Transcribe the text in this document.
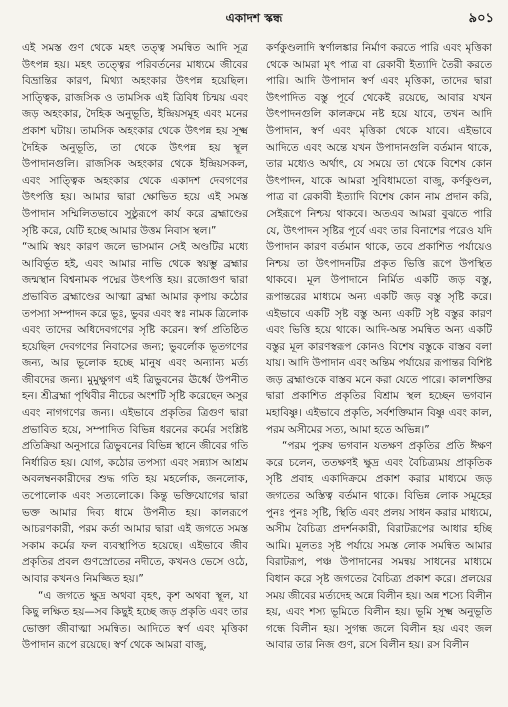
একাদশ স্কন্ধ	৯০১

এই সমস্ত গুণ থেকে মহৎ তত্ত্ব সমন্বিত আদি সূত্র উৎপন্ন হয়। মহৎ তত্ত্বের পরিবর্তনের মাধ্যমে জীবের বিভ্রান্তির কারণ, মিথ্যা অহংকার উৎপন্ন হয়েছিল। সাত্ত্বিক, রাজসিক ও তামসিক এই ত্রিবিধ চিন্ময় এবং জড় অহংকার, দৈহিক অনুভূতি, ইন্দ্রিয়সমূহ এবং মনের প্রকাশ ঘটায়। তামসিক অহংকার থেকে উৎপন্ন হয় সূক্ষ্ম দৈহিক অনুভূতি, তা থেকে উৎপন্ন হয় স্থূল উপাদানগুলি। রাজসিক অহংকার থেকে ইন্দ্রিয়সকল, এবং সাত্ত্বিক অহংকার থেকে একাদশ দেবগণের উৎপত্তি হয়। আমার দ্বারা ক্ষোভিত হয়ে এই সমস্ত উপাদান সম্মিলিতভাবে সুষ্ঠুরূপে কার্য করে ব্রহ্মাণ্ডের সৃষ্টি করে, যেটি হচ্ছে আমার উত্তম নিবাস স্থল।”

“আমি স্বয়ং কারণ জলে ভাসমান সেই অণ্ডটির মধ্যে আবির্ভূত হই, এবং আমার নাভি থেকে স্বয়ম্ভু ব্রহ্মার জন্মস্থান বিশ্বনামক পদ্মের উৎপত্তি হয়। রজোগুণ দ্বারা প্রভাবিত ব্রহ্মাণ্ডের আত্মা ব্রহ্মা আমার কৃপায় কঠোর তপস্যা সম্পাদন করে ভূঃ, ভুবর এবং স্বঃ নামক ত্রিলোক এবং তাদের অধিদেবগণের সৃষ্টি করেন। স্বর্গ প্রতিষ্ঠিত হয়েছিল দেবগণের নিবাসের জন্য; ভুবর্লোক ভূতগণের জন্য, আর ভূলোক হচ্ছে মানুষ এবং অন্যান্য মর্ত্য জীবদের জন্য। মুমুক্ষুগণ এই ত্রিভুবনের ঊর্ধ্বে উপনীত হন। শ্রীব্রহ্মা পৃথিবীর নীচের অংশটি সৃষ্টি করেছেন অসুর এবং নাগগণের জন্য। এইভাবে প্রকৃতির ত্রিগুণ দ্বারা প্রভাবিত হয়ে, সম্পাদিত বিভিন্ন ধরনের কর্মের সংশ্লিষ্ট প্রতিক্রিয়া অনুসারে ত্রিভুবনের বিভিন্ন স্থানে জীবের গতি নির্ধারিত হয়। যোগ, কঠোর তপস্যা এবং সন্ন্যাস আশ্রম অবলম্বনকারীদের শুদ্ধ গতি হয় মহর্লোক, জনলোক, তপোলোক এবং সত্যলোকে। কিন্তু ভক্তিযোগের দ্বারা ভক্ত আমার দিব্য ধামে উপনীত হয়। কালরূপে আচরণকারী, পরম কর্তা আমার দ্বারা এই জগতে সমস্ত সকাম কর্মের ফল ব্যবস্থাপিত হয়েছে। এইভাবে জীব প্রকৃতির প্রবল গুণস্রোতের নদীতে, কখনও ভেসে ওঠে, আবার কখনও নিমজ্জিত হয়।”

“এ জগতে ক্ষুদ্র অথবা বৃহৎ, কৃশ অথবা স্থূল, যা কিছু লক্ষিত হয়—সব কিছুই হচ্ছে জড় প্রকৃতি এবং তার ভোক্তা জীবাত্মা সমন্বিত। আদিতে স্বর্ণ এবং মৃত্তিকা উপাদান রূপে রয়েছে। স্বর্ণ থেকে আমরা বাজু,

কর্ণকুণ্ডলাদি স্বর্ণালঙ্কার নির্মাণ করতে পারি এবং মৃত্তিকা থেকে আমরা মৃৎ পাত্র বা রেকাবী ইত্যাদি তৈরী করতে পারি। আদি উপাদান স্বর্ণ এবং মৃত্তিকা, তাদের দ্বারা উৎপাদিত বস্তু পূর্বে থেকেই রয়েছে, আবার যখন উৎপাদনগুলি কালক্রমে নষ্ট হয়ে যাবে, তখন আদি উপাদান, স্বর্ণ এবং মৃত্তিকা থেকে যাবে। এইভাবে আদিতে এবং অন্তে যখন উপাদানগুলি বর্তমান থাকে, তার মধ্যেও অর্থাৎ, যে সময়ে তা থেকে বিশেষ কোন উৎপাদন, যাকে আমরা সুবিধামতো বাজু, কর্ণকুণ্ডল, পাত্র বা রেকাবী ইত্যাদি বিশেষ কোন নাম প্রদান করি, সেইরূপে নিশ্চয় থাকবে। অতএব আমরা বুঝতে পারি যে, উৎপাদন সৃষ্টির পূর্বে এবং তার বিনাশের পরেও যদি উপাদান কারণ বর্তমান থাকে, তবে প্রকাশিত পর্যায়েও নিশ্চয় তা উৎপাদনটির প্রকৃত ভিত্তি রূপে উপস্থিত থাকবে। মূল উপাদানে নির্মিত একটি জড় বস্তু, রূপান্তরের মাধ্যমে অন্য একটি জড় বস্তু সৃষ্টি করে। এইভাবে একটি সৃষ্ট বস্তু অন্য একটি সৃষ্ট বস্তুর কারণ এবং ভিত্তি হয়ে থাকে। আদি-অন্ত সমন্বিত অন্য একটি বস্তুর মূল কারণস্বরূপ কোনও বিশেষ বস্তুকে বাস্তব বলা যায়। আদি উপাদান এবং অন্তিম পর্যায়ের রূপান্তর বিশিষ্ট জড় ব্রহ্মাণ্ডকে বাস্তব মনে করা যেতে পারে। কালশক্তির দ্বারা প্রকাশিত প্রকৃতির বিশ্রাম স্থল হচ্ছেন ভগবান মহাবিষ্ণু। এইভাবে প্রকৃতি, সর্বশক্তিমান বিষ্ণু এবং কাল, পরম অসীমের সত্য, আমা হতে অভিন্ন।”

“পরম পুরুষ ভগবান যতক্ষণ প্রকৃতির প্রতি ঈক্ষণ করে চলেন, ততক্ষণই ক্ষুদ্র এবং বৈচিত্র্যময় প্রাকৃতিক সৃষ্টি প্রবাহ একাদিক্রমে প্রকাশ করার মাধ্যমে জড় জগতের অস্তিত্ব বর্তমান থাকে। বিভিন্ন লোক সমূহের পুনঃ পুনঃ সৃষ্টি, স্থিতি এবং প্রলয় সাধন করার মাধ্যমে, অসীম বৈচিত্র্য প্রদর্শনকারী, বিরাটরূপের আধার হচ্ছি আমি। মূলতঃ সৃষ্ট পর্যায়ে সমস্ত লোক সমন্বিত আমার বিরাটরূপ, পঞ্চ উপাদানের সমন্বয় সাধনের মাধ্যমে বিধান করে সৃষ্ট জগতের বৈচিত্র্য প্রকাশ করে। প্রলয়ের সময় জীবের মর্ত্যদেহ অন্নে বিলীন হয়। অন্ন শস্যে বিলীন হয়, এবং শস্য ভূমিতে বিলীন হয়। ভূমি সূক্ষ্ম অনুভূতি গন্ধে বিলীন হয়। সুগন্ধ জলে বিলীন হয় এবং জল আবার তার নিজ গুণ, রসে বিলীন হয়। রস বিলীন
